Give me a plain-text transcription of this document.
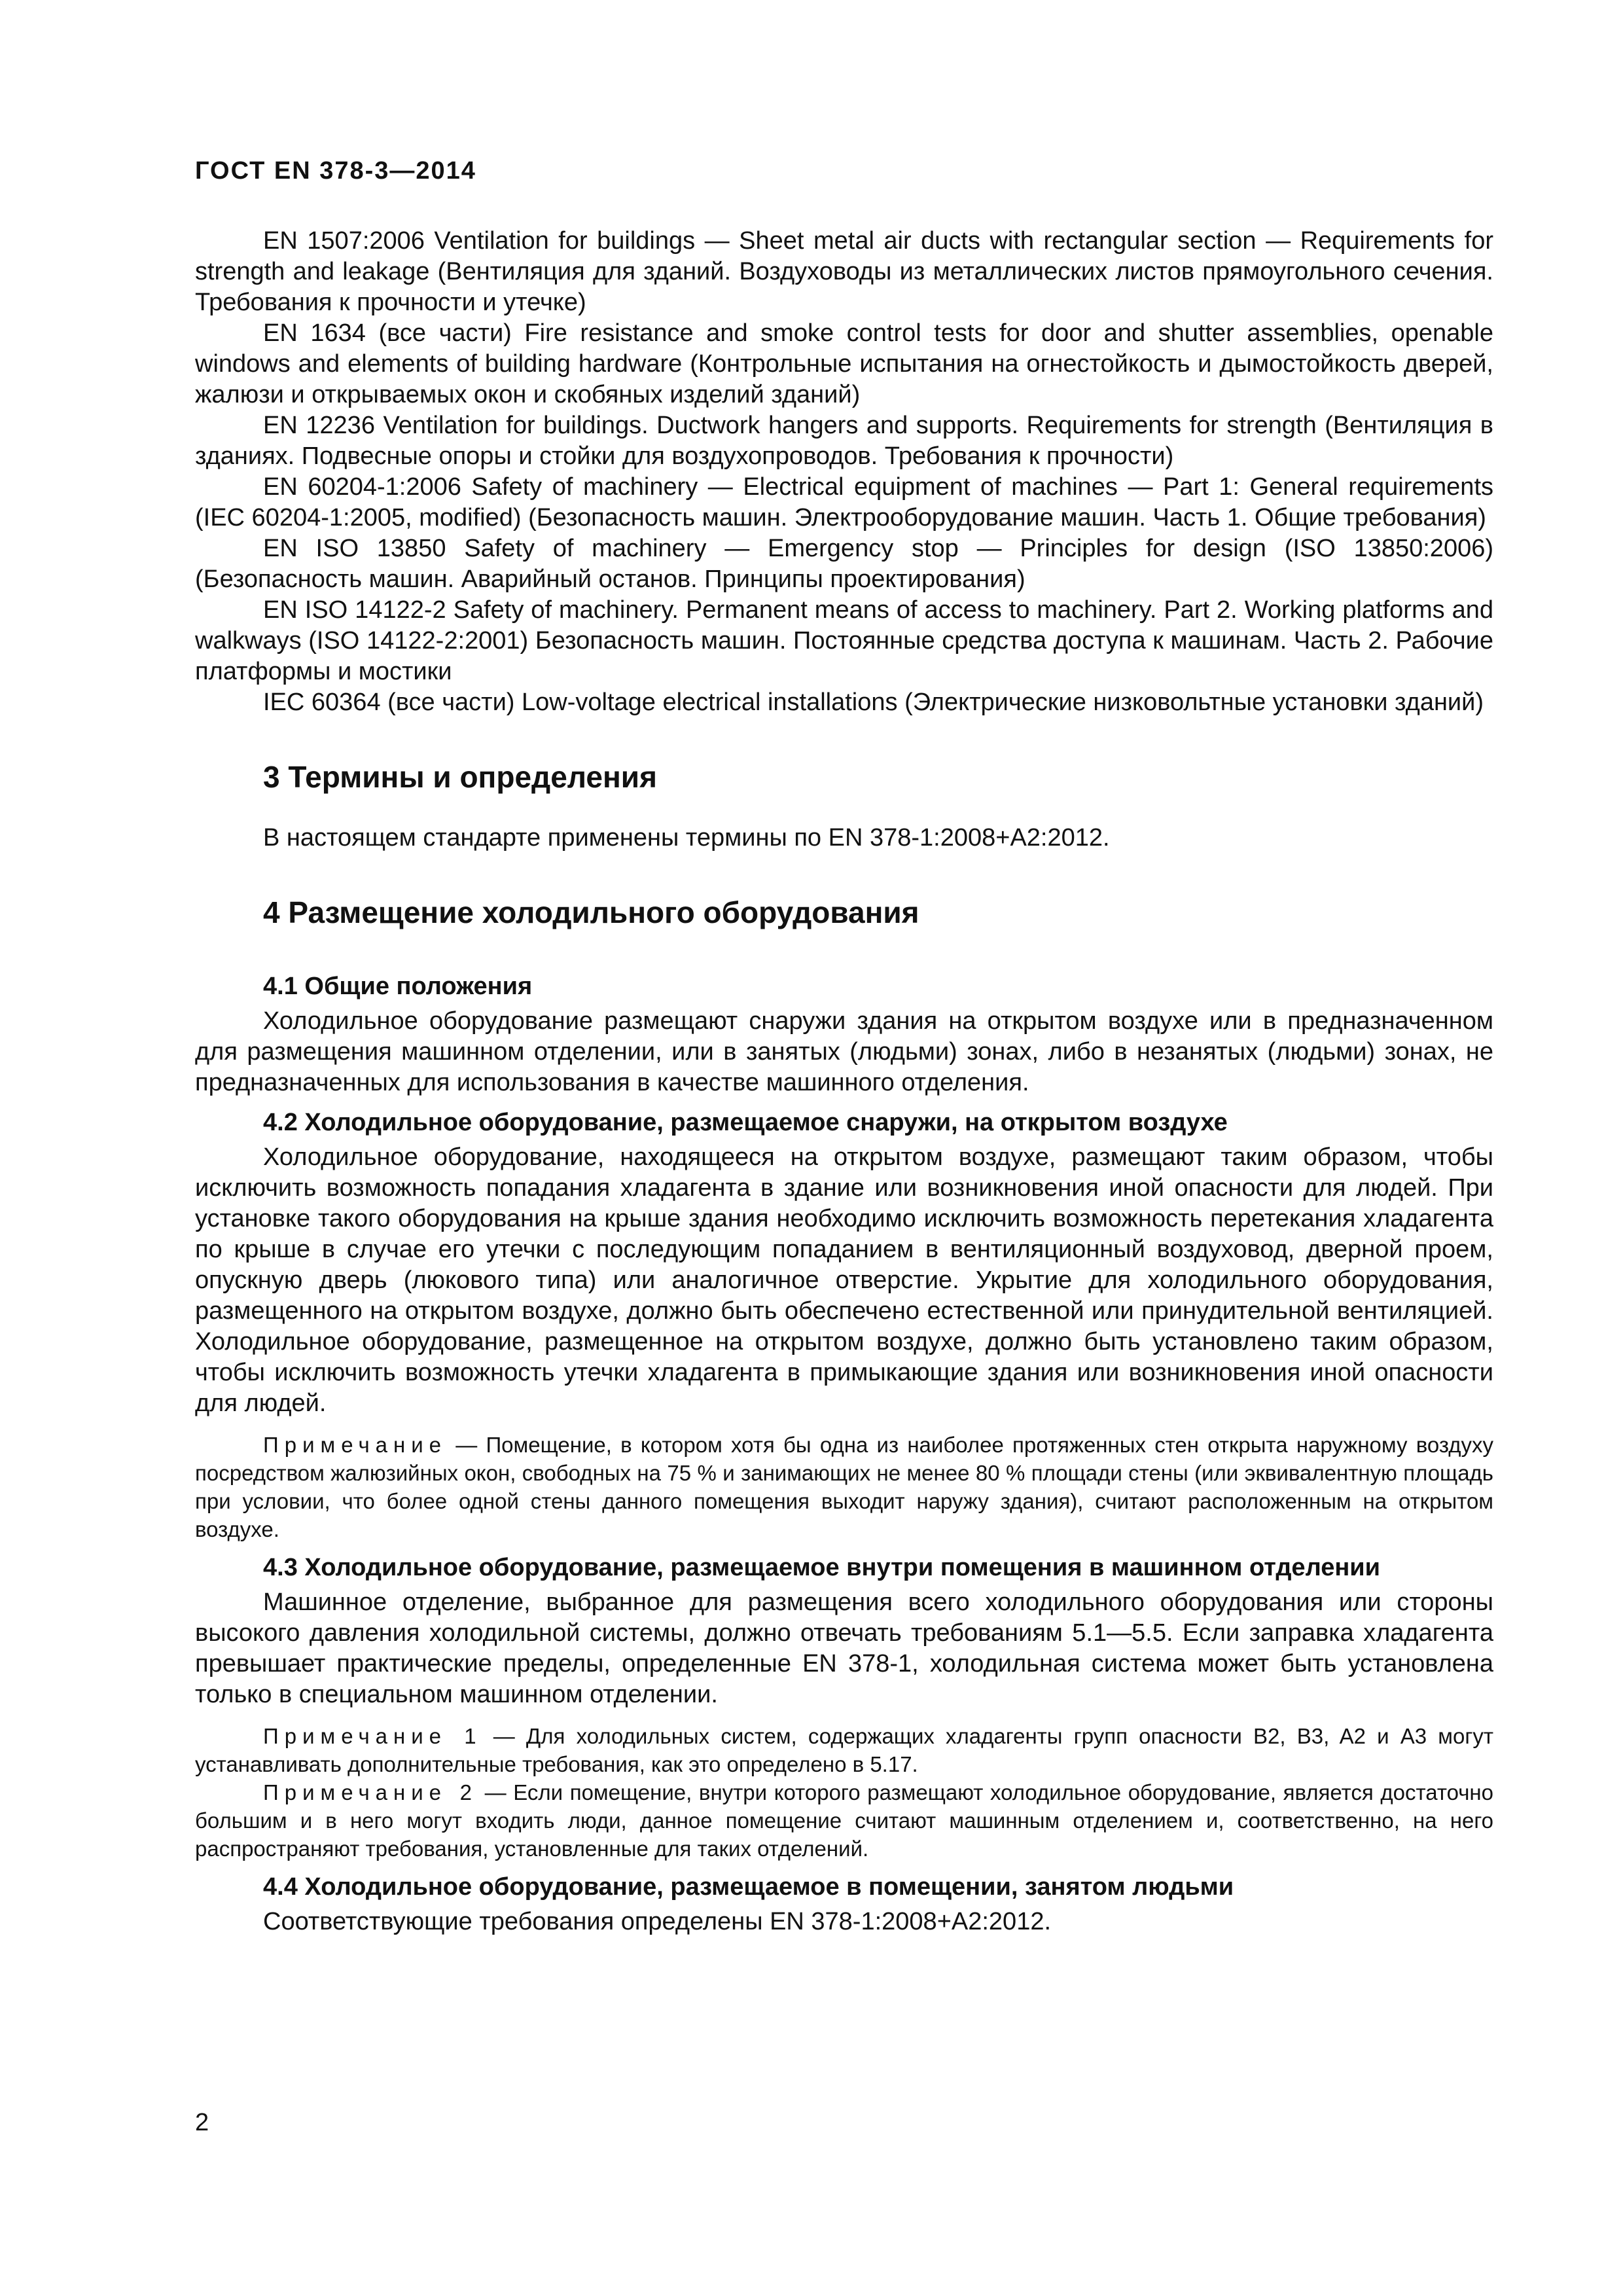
ГОСТ EN 378-3—2014

EN 1507:2006 Ventilation for buildings — Sheet metal air ducts with rectangular section — Requirements for strength and leakage (Вентиляция для зданий. Воздуховоды из металлических листов прямоугольного сечения. Требования к прочности и утечке)

EN 1634 (все части) Fire resistance and smoke control tests for door and shutter assemblies, openable windows and elements of building hardware (Контрольные испытания на огнестойкость и дымостойкость дверей, жалюзи и открываемых окон и скобяных изделий зданий)

EN 12236 Ventilation for buildings. Ductwork hangers and supports. Requirements for strength (Вентиляция в зданиях. Подвесные опоры и стойки для воздухопроводов. Требования к прочности)

EN 60204-1:2006 Safety of machinery — Electrical equipment of machines — Part 1: General requirements (IEC 60204-1:2005, modified) (Безопасность машин. Электрооборудование машин. Часть 1. Общие требования)

EN ISO 13850 Safety of machinery — Emergency stop — Principles for design (ISO 13850:2006) (Безопасность машин. Аварийный останов. Принципы проектирования)

EN ISO 14122-2 Safety of machinery. Permanent means of access to machinery. Part 2. Working platforms and walkways (ISO 14122-2:2001) Безопасность машин. Постоянные средства доступа к машинам. Часть 2. Рабочие платформы и мостики

IEC 60364 (все части) Low-voltage electrical installations (Электрические низковольтные установки зданий)

3 Термины и определения

В настоящем стандарте применены термины по EN 378-1:2008+A2:2012.

4 Размещение холодильного оборудования
4.1 Общие положения

Холодильное оборудование размещают снаружи здания на открытом воздухе или в предназначенном для размещения машинном отделении, или в занятых (людьми) зонах, либо в незанятых (людьми) зонах, не предназначенных для использования в качестве машинного отделения.

4.2 Холодильное оборудование, размещаемое снаружи, на открытом воздухе

Холодильное оборудование, находящееся на открытом воздухе, размещают таким образом, чтобы исключить возможность попадания хладагента в здание или возникновения иной опасности для людей. При установке такого оборудования на крыше здания необходимо исключить возможность перетекания хладагента по крыше в случае его утечки с последующим попаданием в вентиляционный воздуховод, дверной проем, опускную дверь (люкового типа) или аналогичное отверстие. Укрытие для холодильного оборудования, размещенного на открытом воздухе, должно быть обеспечено естественной или принудительной вентиляцией. Холодильное оборудование, размещенное на открытом воздухе, должно быть установлено таким образом, чтобы исключить возможность утечки хладагента в примыкающие здания или возникновения иной опасности для людей.

Примечание — Помещение, в котором хотя бы одна из наиболее протяженных стен открыта наружному воздуху посредством жалюзийных окон, свободных на 75 % и занимающих не менее 80 % площади стены (или эквивалентную площадь при условии, что более одной стены данного помещения выходит наружу здания), считают расположенным на открытом воздухе.

4.3 Холодильное оборудование, размещаемое внутри помещения в машинном отделении

Машинное отделение, выбранное для размещения всего холодильного оборудования или стороны высокого давления холодильной системы, должно отвечать требованиям 5.1—5.5. Если заправка хладагента превышает практические пределы, определенные EN 378-1, холодильная система может быть установлена только в специальном машинном отделении.

Примечание 1 — Для холодильных систем, содержащих хладагенты групп опасности B2, B3, A2 и A3 могут устанавливать дополнительные требования, как это определено в 5.17.

Примечание 2 — Если помещение, внутри которого размещают холодильное оборудование, является достаточно большим и в него могут входить люди, данное помещение считают машинным отделением и, соответственно, на него распространяют требования, установленные для таких отделений.

4.4 Холодильное оборудование, размещаемое в помещении, занятом людьми

Соответствующие требования определены EN 378-1:2008+A2:2012.

2
